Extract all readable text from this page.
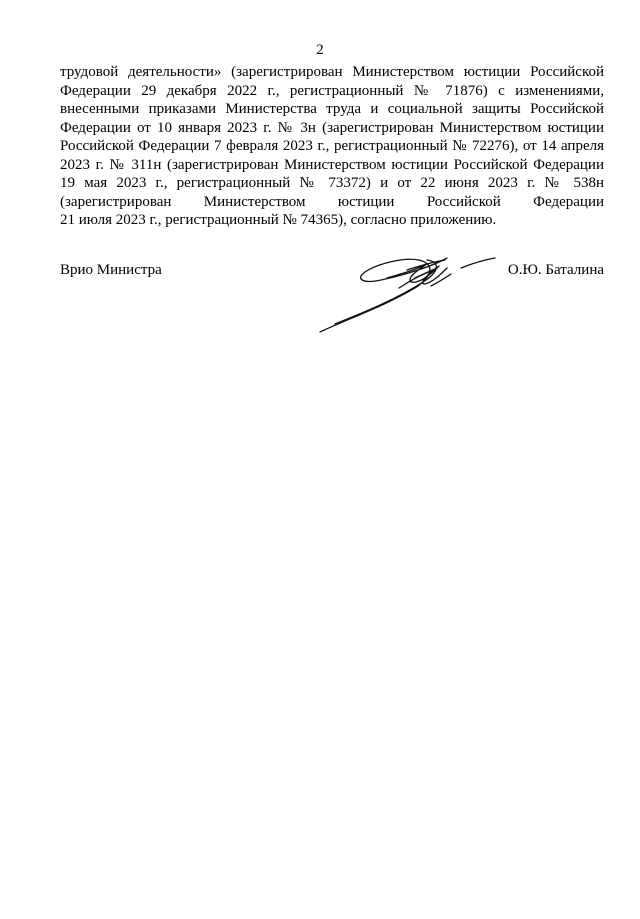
2
трудовой деятельности» (зарегистрирован Министерством юстиции Российской
Федерации 29 декабря 2022 г., регистрационный № 71876) с изменениями,
внесенными приказами Министерства труда и социальной защиты Российской
Федерации от 10 января 2023 г. № 3н (зарегистрирован Министерством юстиции
Российской Федерации 7 февраля 2023 г., регистрационный № 72276), от 14 апреля
2023 г. № 311н (зарегистрирован Министерством юстиции Российской Федерации
19 мая 2023 г., регистрационный № 73372) и от 22 июня 2023 г. № 538н
(зарегистрирован Министерством юстиции Российской Федерации
21 июля 2023 г., регистрационный № 74365), согласно приложению.
Врио Министра	О.Ю. Баталина
